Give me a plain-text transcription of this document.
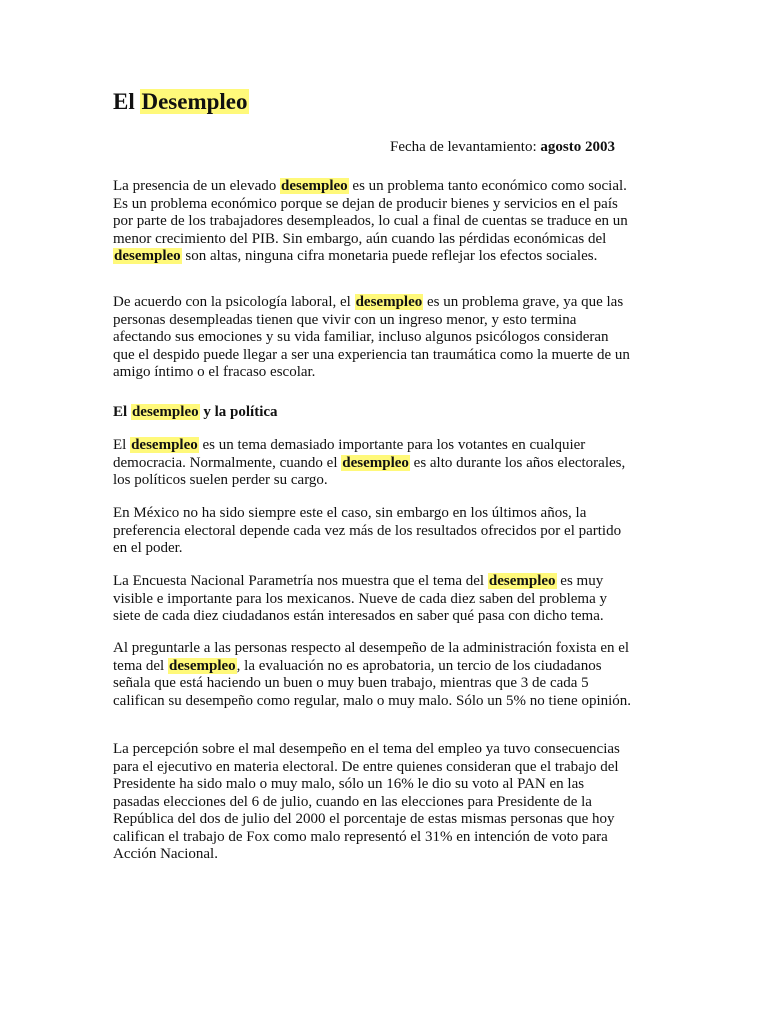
El Desempleo
Fecha de levantamiento: agosto 2003

La presencia de un elevado desempleo es un problema tanto económico como social. Es un problema económico porque se dejan de producir bienes y servicios en el país por parte de los trabajadores desempleados, lo cual a final de cuentas se traduce en un menor crecimiento del PIB. Sin embargo, aún cuando las pérdidas económicas del desempleo son altas, ninguna cifra monetaria puede reflejar los efectos sociales.

De acuerdo con la psicología laboral, el desempleo es un problema grave, ya que las personas desempleadas tienen que vivir con un ingreso menor, y esto termina afectando sus emociones y su vida familiar, incluso algunos psicólogos consideran que el despido puede llegar a ser una experiencia tan traumática como la muerte de un amigo íntimo o el fracaso escolar.

El desempleo y la política

El desempleo es un tema demasiado importante para los votantes en cualquier democracia. Normalmente, cuando el desempleo es alto durante los años electorales, los políticos suelen perder su cargo.

En México no ha sido siempre este el caso, sin embargo en los últimos años, la preferencia electoral depende cada vez más de los resultados ofrecidos por el partido en el poder.

La Encuesta Nacional Parametría nos muestra que el tema del desempleo es muy visible e importante para los mexicanos. Nueve de cada diez saben del problema y siete de cada diez ciudadanos están interesados en saber qué pasa con dicho tema.

Al preguntarle a las personas respecto al desempeño de la administración foxista en el tema del desempleo, la evaluación no es aprobatoria, un tercio de los ciudadanos señala que está haciendo un buen o muy buen trabajo, mientras que 3 de cada 5 califican su desempeño como regular, malo o muy malo. Sólo un 5% no tiene opinión.

La percepción sobre el mal desempeño en el tema del empleo ya tuvo consecuencias para el ejecutivo en materia electoral. De entre quienes consideran que el trabajo del Presidente ha sido malo o muy malo, sólo un 16% le dio su voto al PAN en las pasadas elecciones del 6 de julio, cuando en las elecciones para Presidente de la República del dos de julio del 2000 el porcentaje de estas mismas personas que hoy califican el trabajo de Fox como malo representó el 31% en intención de voto para Acción Nacional.
